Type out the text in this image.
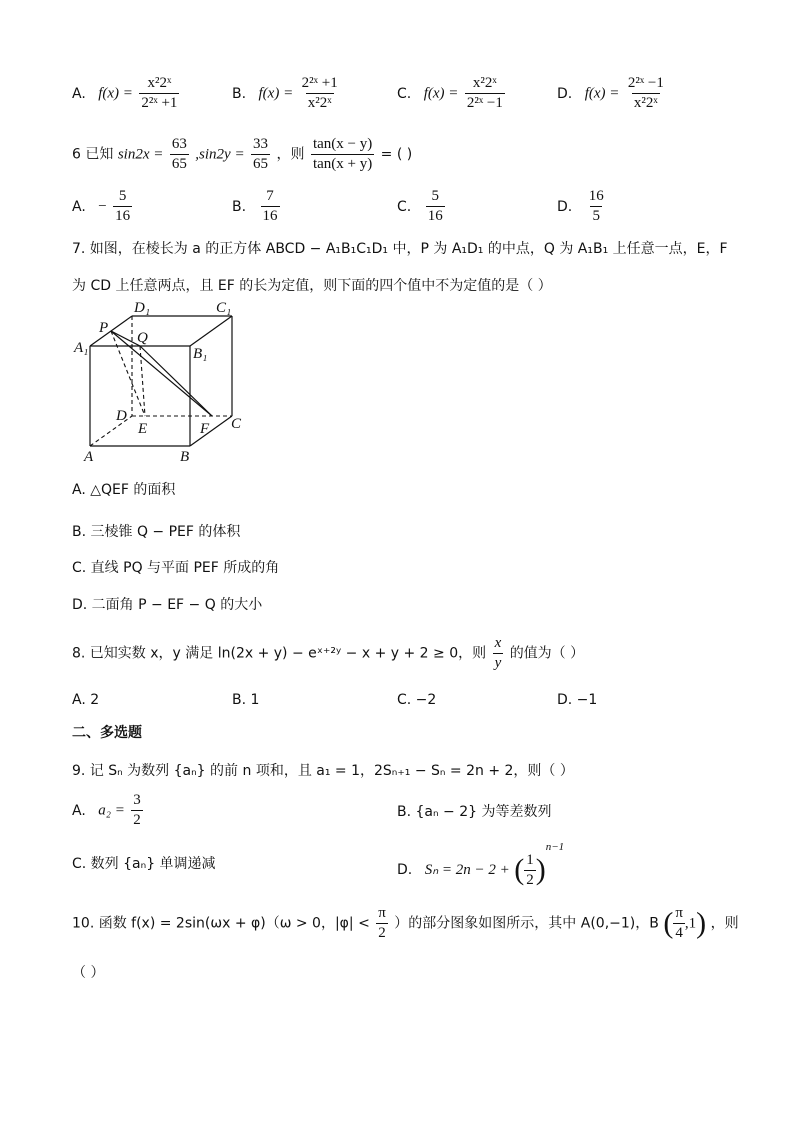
A. $f(x) = \frac{\text{x²2ˣ}}{\text{2²ˣ +1}}$	B. $f(x) = \frac{\text{2²ˣ +1}}{\text{x²2ˣ}}$	C. $f(x) = \frac{\text{x²2ˣ}}{\text{2²ˣ −1}}$	D. $f(x) = \frac{\text{2²ˣ −1}}{\text{x²2ˣ}}$
6 已知 $\sin 2x = \frac{63}{65} ,\sin 2y = \frac{33}{65}$ ，则 $\frac{\tan(x - y)}{\tan(x + y)}$ = ( )
A. − $\frac{5}{16}$	B. $\frac{7}{16}$	C. $\frac{5}{16}$	D. $\frac{16}{5}$
7. 如图，在棱长为 a 的正方体 ABCD − A₁B₁C₁D₁ 中，P 为 A₁D₁ 的中点，Q 为 A₁B₁ 上任意一点，E，F
为 CD 上任意两点，且 EF 的长为定值，则下面的四个值中不为定值的是（ ）
A₁
P
D₁	C₁
Q
B₁
D
E	F C
A	B
A. △QEF 的面积
B. 三棱锥 Q − PEF 的体积
C. 直线 PQ 与平面 PEF 所成的角
D. 二面角 P − EF − Q 的大小
8. 已知实数 x，y 满足 ln(2x + y) − eˣ⁺²ʸ − x + y + 2 ≥ 0，则 $\frac{x}{y}$ 的值为（ ）
A. 2	B. 1	C. −2	D. −1
二、多选题
9. 记 Sₙ 为数列 {aₙ} 的前 n 项和，且 a₁ = 1，2Sₙ₊₁ − Sₙ = 2n + 2，则（ ）
A. $a_2 = \frac{3}{2}$	B. {aₙ − 2} 为等差数列
C. 数列 {aₙ} 单调递减	D. Sₙ = 2n − 2 + ( $\frac{1}{2} )^{n-1}$
10. 函数 f(x) = 2sin(ωx + φ)（ω > 0，$|\varphi| < \frac{\pi}{2}$ ）的部分图象如图所示，其中 A(0,−1)，B ( $\frac{\pi}{4} ,1$) ，则
（ ）
